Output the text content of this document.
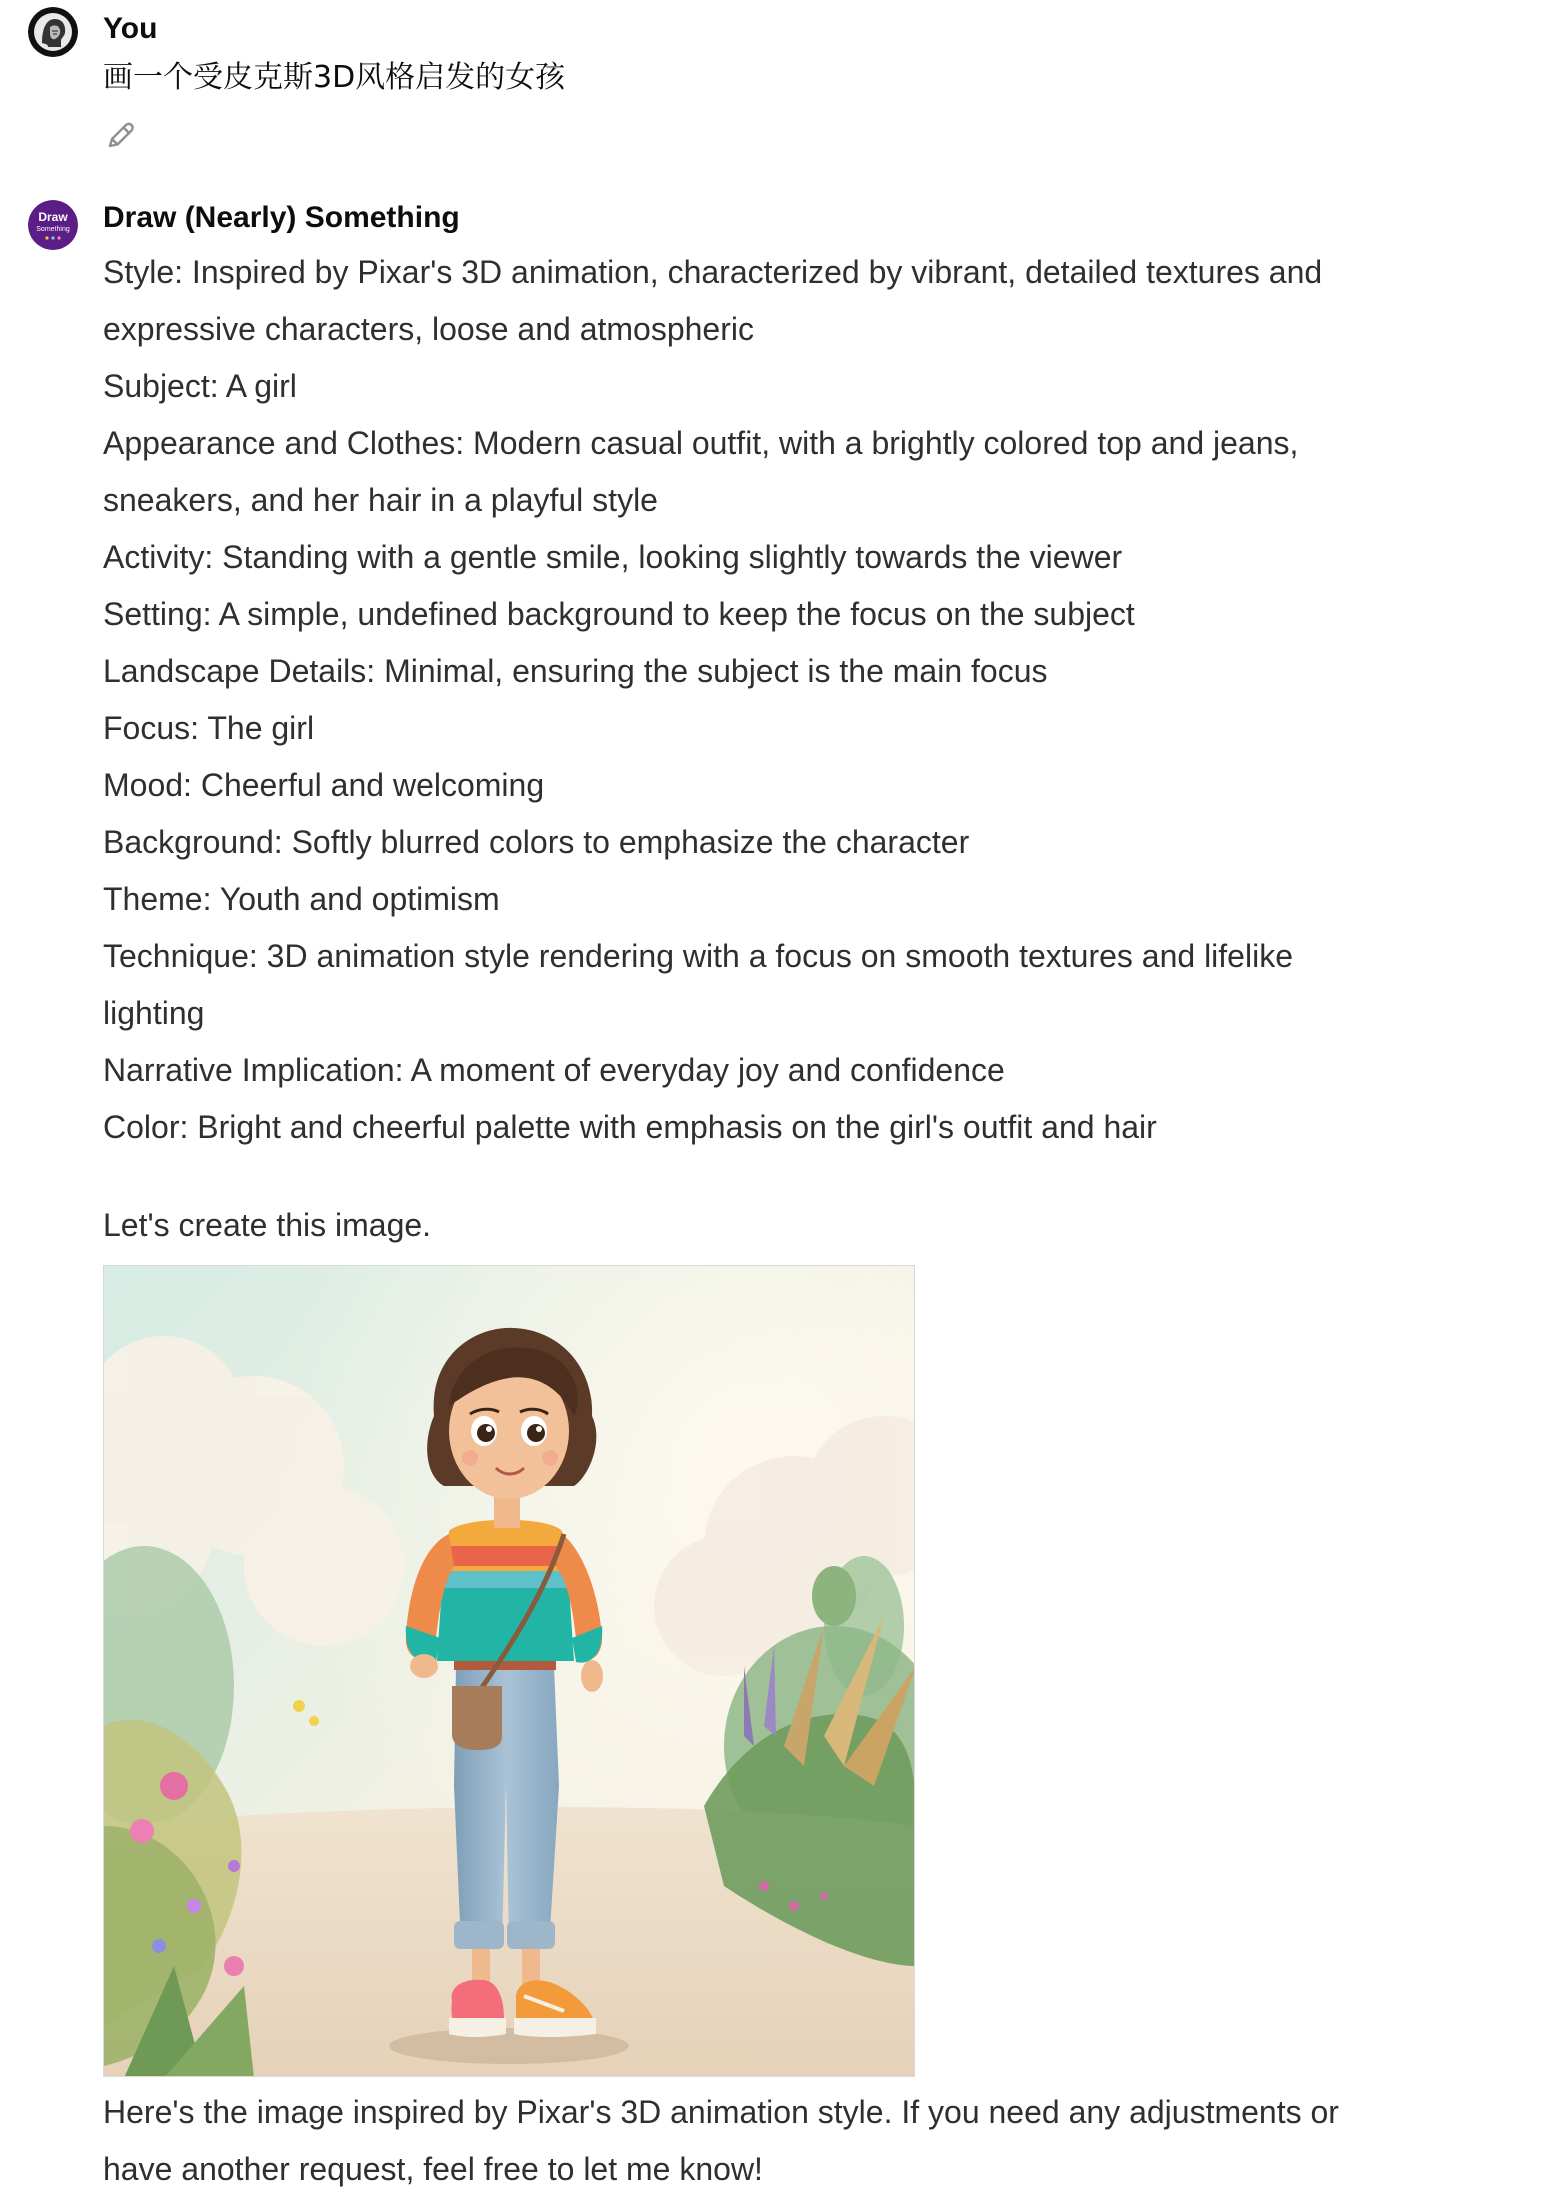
You
画一个受皮克斯3D风格启发的女孩
Draw
Something Draw (Nearly) Something
Style: Inspired by Pixar's 3D animation, characterized by vibrant, detailed textures and
expressive characters, loose and atmospheric
Subject: A girl
Appearance and Clothes: Modern casual outfit, with a brightly colored top and jeans,
sneakers, and her hair in a playful style
Activity: Standing with a gentle smile, looking slightly towards the viewer
Setting: A simple, undefined background to keep the focus on the subject
Landscape Details: Minimal, ensuring the subject is the main focus
Focus: The girl
Mood: Cheerful and welcoming
Background: Softly blurred colors to emphasize the character
Theme: Youth and optimism
Technique: 3D animation style rendering with a focus on smooth textures and lifelike
lighting
Narrative Implication: A moment of everyday joy and confidence
Color: Bright and cheerful palette with emphasis on the girl's outfit and hair
Let's create this image.
Here's the image inspired by Pixar's 3D animation style. If you need any adjustments or
have another request, feel free to let me know!
